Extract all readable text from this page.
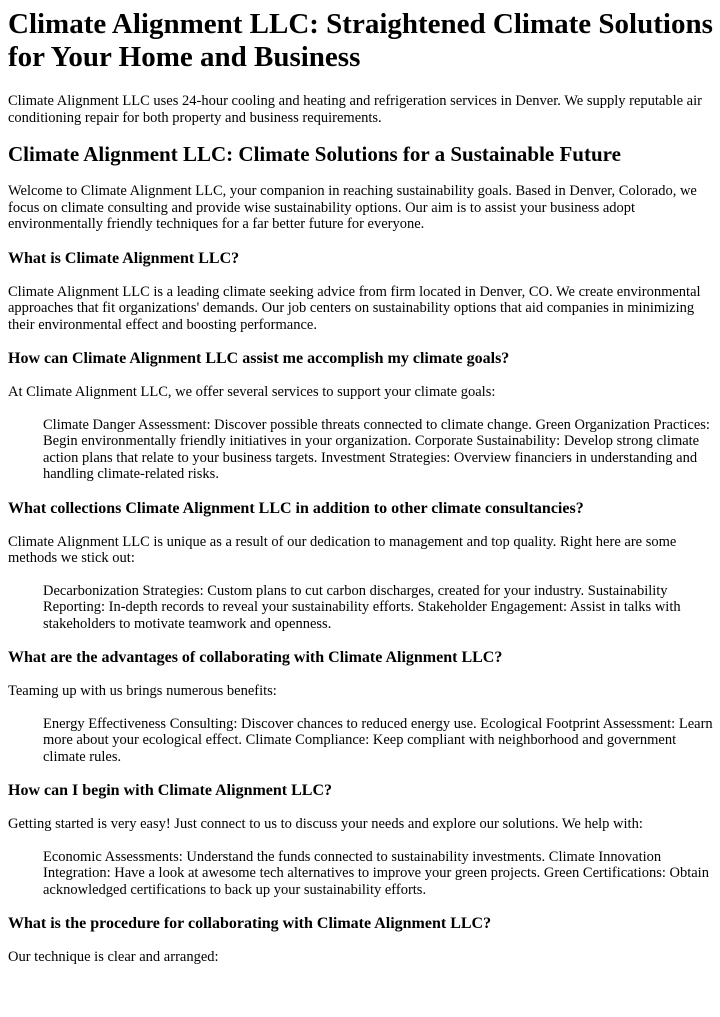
Climate Alignment LLC: Straightened Climate Solutions for Your Home and Business

Climate Alignment LLC uses 24-hour cooling and heating and refrigeration services in Denver. We supply reputable air conditioning repair for both property and business requirements.

Climate Alignment LLC: Climate Solutions for a Sustainable Future

Welcome to Climate Alignment LLC, your companion in reaching sustainability goals. Based in Denver, Colorado, we focus on climate consulting and provide wise sustainability options. Our aim is to assist your business adopt environmentally friendly techniques for a far better future for everyone.

What is Climate Alignment LLC?

Climate Alignment LLC is a leading climate seeking advice from firm located in Denver, CO. We create environmental approaches that fit organizations' demands. Our job centers on sustainability options that aid companies in minimizing their environmental effect and boosting performance.

How can Climate Alignment LLC assist me accomplish my climate goals?

At Climate Alignment LLC, we offer several services to support your climate goals:

Climate Danger Assessment: Discover possible threats connected to climate change. Green Organization Practices: Begin environmentally friendly initiatives in your organization. Corporate Sustainability: Develop strong climate action plans that relate to your business targets. Investment Strategies: Overview financiers in understanding and handling climate-related risks.
What collections Climate Alignment LLC in addition to other climate consultancies?

Climate Alignment LLC is unique as a result of our dedication to management and top quality. Right here are some methods we stick out:

Decarbonization Strategies: Custom plans to cut carbon discharges, created for your industry. Sustainability Reporting: In-depth records to reveal your sustainability efforts. Stakeholder Engagement: Assist in talks with stakeholders to motivate teamwork and openness.
What are the advantages of collaborating with Climate Alignment LLC?

Teaming up with us brings numerous benefits:

Energy Effectiveness Consulting: Discover chances to reduced energy use. Ecological Footprint Assessment: Learn more about your ecological effect. Climate Compliance: Keep compliant with neighborhood and government climate rules.
How can I begin with Climate Alignment LLC?

Getting started is very easy! Just connect to us to discuss your needs and explore our solutions. We help with:

Economic Assessments: Understand the funds connected to sustainability investments. Climate Innovation Integration: Have a look at awesome tech alternatives to improve your green projects. Green Certifications: Obtain acknowledged certifications to back up your sustainability efforts.
What is the procedure for collaborating with Climate Alignment LLC?

Our technique is clear and arranged:
